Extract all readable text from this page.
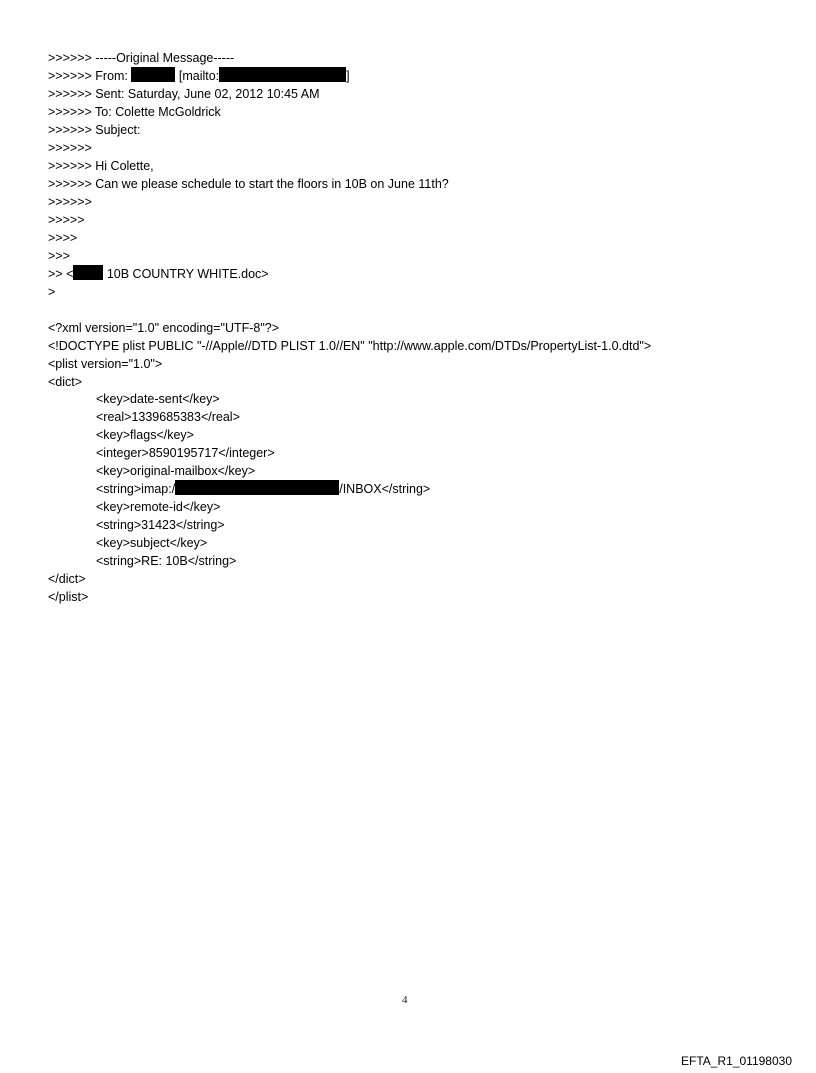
>>>>>> -----Original Message-----
>>>>>> From:	[mailto:	]
>>>>>> Sent: Saturday, June 02, 2012 10:45 AM
>>>>>> To: Colette McGoldrick
>>>>>> Subject:
>>>>>>
>>>>>> Hi Colette,
>>>>>> Can we please schedule to start the floors in 10B on June 11th?
>>>>>>
>>>>>
>>>>
>>>
>> < 10B COUNTRY WHITE.doc>
>
<?xml version="1.0" encoding="UTF-8"?>
<!DOCTYPE plist PUBLIC "-//Apple//DTD PLIST 1.0//EN" "http://www.apple.com/DTDs/PropertyList-1.0.dtd">
<plist version="1.0">
<dict>
<key>date-sent</key>
<real>1339685383</real>
<key>flags</key>
<integer>8590195717</integer>
<key>original-mailbox</key>
<string>imap:/	/INBOX</string>
<key>remote-id</key>
<string>31423</string>
<key>subject</key>
<string>RE: 10B</string>
</dict>
</plist>
4
EFTA_R1_01198030
